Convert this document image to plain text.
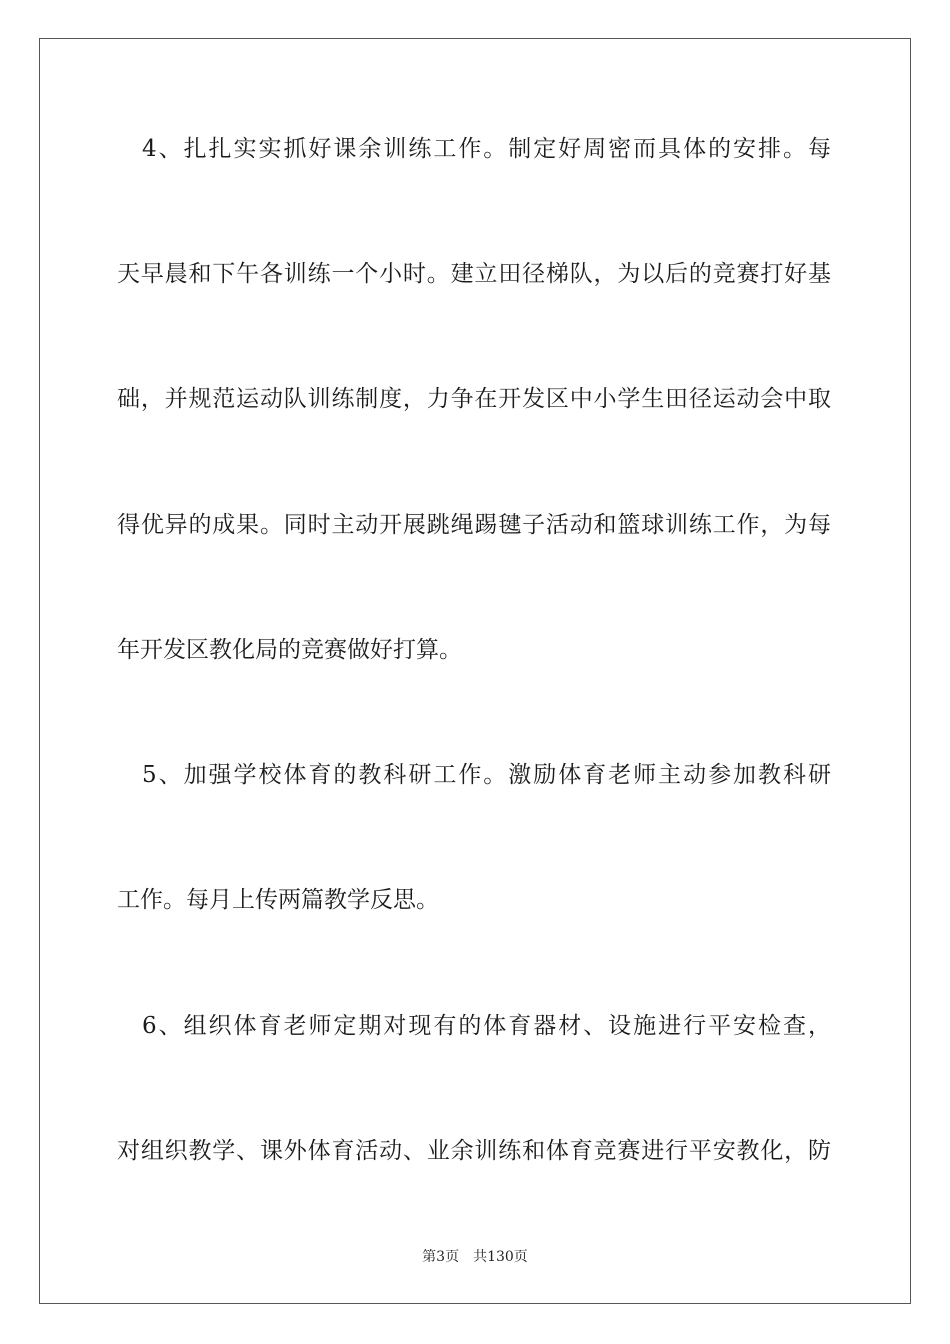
　4、扎扎实实抓好课余训练工作。制定好周密而具体的安排。每
天早晨和下午各训练一个小时。建立田径梯队，为以后的竞赛打好基
础，并规范运动队训练制度，力争在开发区中小学生田径运动会中取
得优异的成果。同时主动开展跳绳踢毽子活动和篮球训练工作，为每
年开发区教化局的竞赛做好打算。
　5、加强学校体育的教科研工作。激励体育老师主动参加教科研
工作。每月上传两篇教学反思。
　6、组织体育老师定期对现有的体育器材、设施进行平安检查，
对组织教学、课外体育活动、业余训练和体育竞赛进行平安教化，防
第3页　共130页
